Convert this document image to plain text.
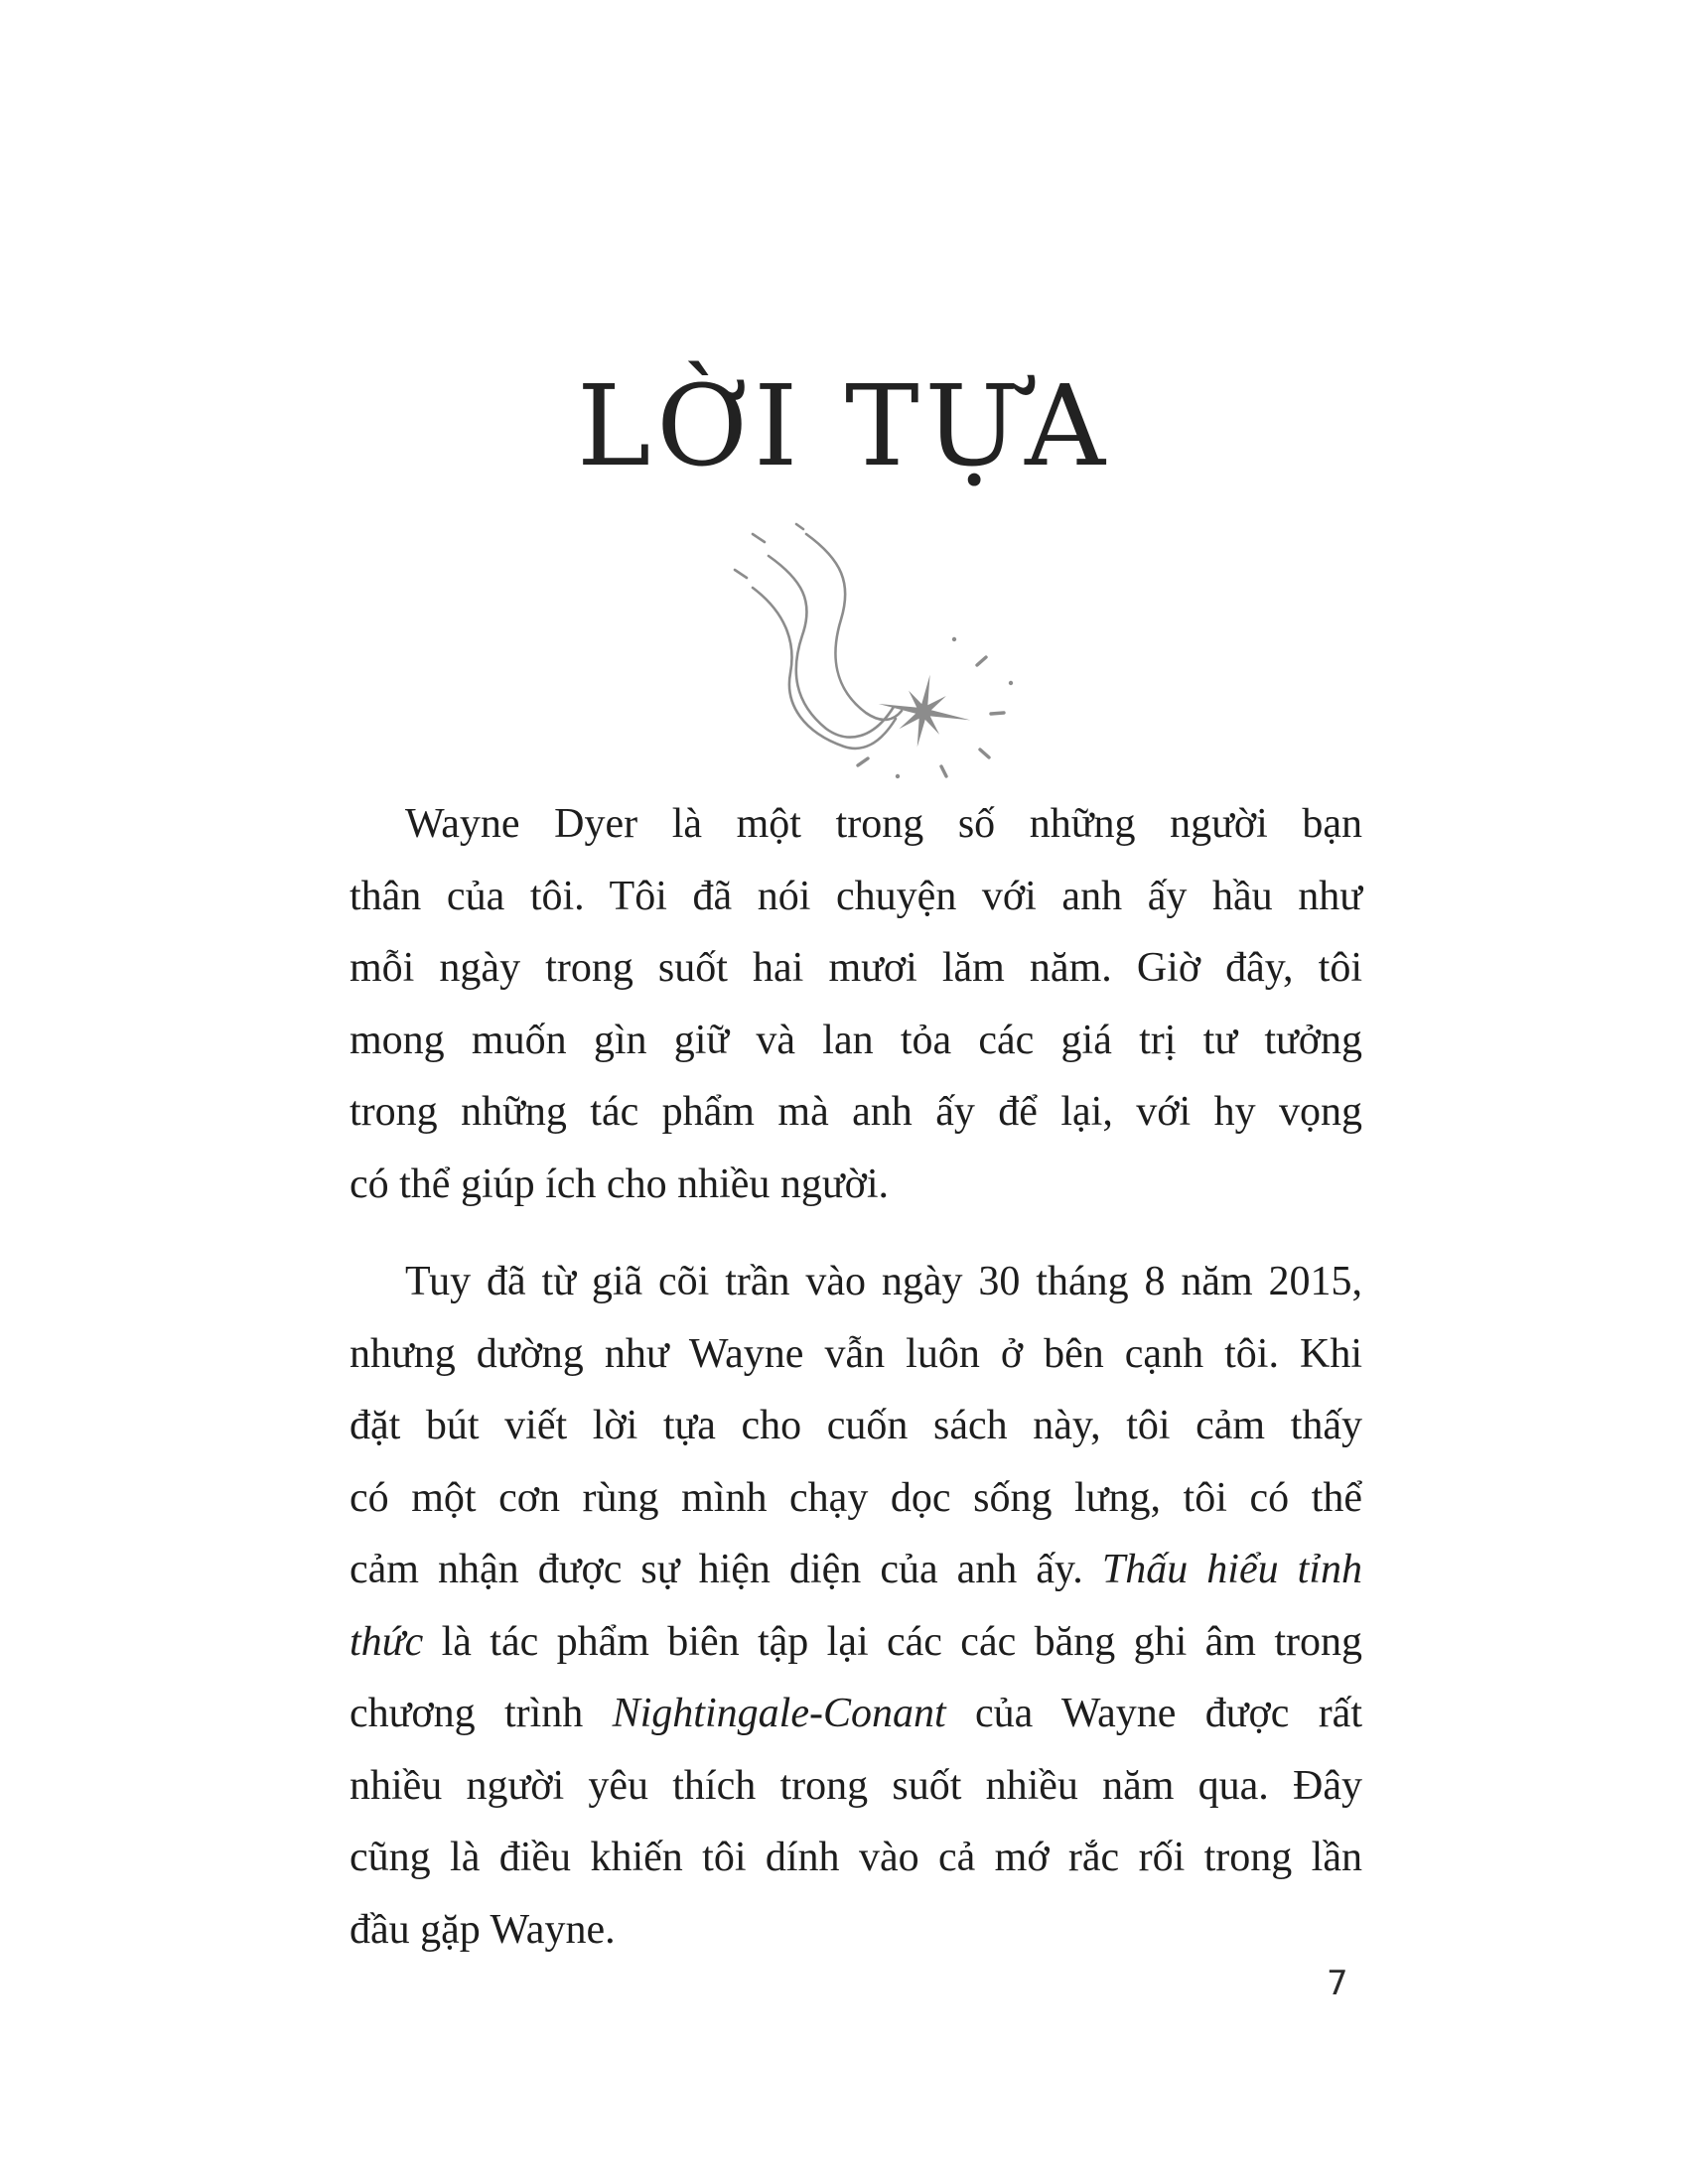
LỜI TỰA
Wayne Dyer là một trong số những người bạn
thân của tôi. Tôi đã nói chuyện với anh ấy hầu như
mỗi ngày trong suốt hai mươi lăm năm. Giờ đây, tôi
mong muốn gìn giữ và lan tỏa các giá trị tư tưởng
trong những tác phẩm mà anh ấy để lại, với hy vọng
có thể giúp ích cho nhiều người.
Tuy đã từ giã cõi trần vào ngày 30 tháng 8 năm 2015,
nhưng dường như Wayne vẫn luôn ở bên cạnh tôi. Khi
đặt bút viết lời tựa cho cuốn sách này, tôi cảm thấy
có một cơn rùng mình chạy dọc sống lưng, tôi có thể
cảm nhận được sự hiện diện của anh ấy. Thấu hiểu tỉnh
thức là tác phẩm biên tập lại các các băng ghi âm trong
chương trình Nightingale-Conant của Wayne được rất
nhiều người yêu thích trong suốt nhiều năm qua. Đây
cũng là điều khiến tôi dính vào cả mớ rắc rối trong lần
đầu gặp Wayne.
7
